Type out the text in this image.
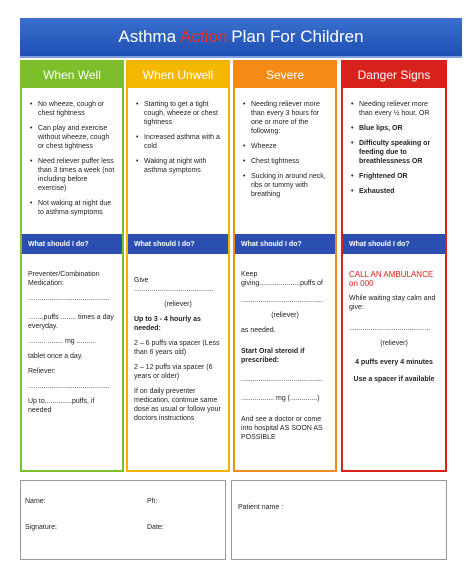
Asthma Action Plan For Children
When Well
• No wheeze, cough or chest tightness
• Can play and exercise without wheeze, cough or chest tightness
• Need reliever puffer less than 3 times a week (not including before exercise)
• Not waking at night due to asthma symptoms
What should I do?

Preventer/Combination Medication:

..........................................

........puffs ........ times a day everyday.

......... ........ mg ..........

tablet once a day.

Reliever:

..........................................

Up to..............puffs, if needed

When Unwell
• Starting to get a tight cough, wheeze or chest tightness
• Increased asthma with a cold
• Waking at night with asthma symptoms
What should I do?

Give .........................................

(reliever)

Up to 3 - 4 hourly as needed:

2 – 6 puffs via spacer (Less than 6 years old)

2 – 12 puffs via spacer (6 years or older)

If on daily preventer medication, continue same dose as usual or follow your doctors instructions

Severe
• Needing reliever more than every 3 hours for one or more of the following:
• Wheeze
• Chest tightness
• Sucking in around neck, ribs or tummy with breathing
What should I do?

Keep giving.....................puffs of

..........................................

(reliever)

as needed.

Start Oral steroid if prescribed:

..........................................

................. mg (..............)

And see a doctor or come into hospital AS SOON AS POSSIBLE

Danger Signs
• Needing reliever more than every ½ hour, OR
• Blue lips, OR
• Difficulty speaking or feeding due to breathlessness OR
• Frightened OR
• Exhausted
What should I do?

CALL AN AMBULANCE on 000

While waiting stay calm and give:

..........................................

(reliever)

4 puffs every 4 minutes

Use a spacer if available

Name:	Ph:
Signature:	Date:
Patient name :
